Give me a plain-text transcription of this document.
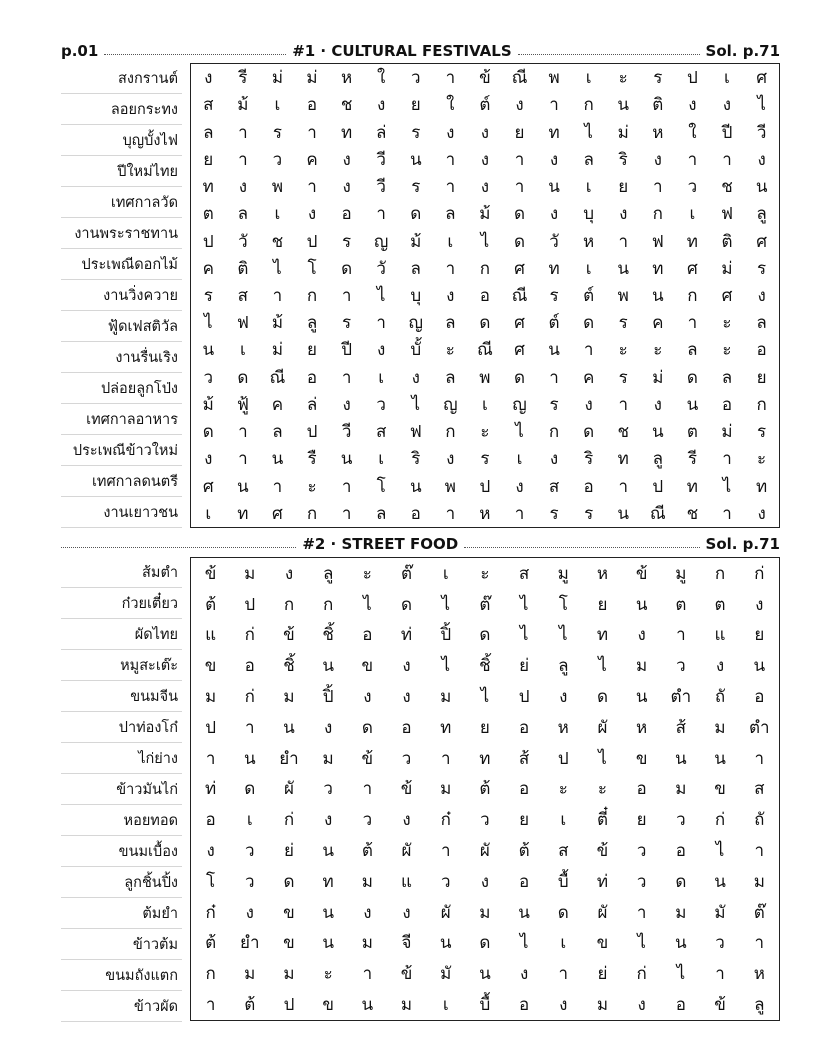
p.01	#1 · CULTURAL FESTIVALS	Sol. p.71
สงกรานต์
ลอยกระทง
บุญบั้งไฟ
ปีใหม่ไทย
เทศกาลวัด
งานพระราชทาน
ประเพณีดอกไม้
งานวิ่งควาย
ฟู้ดเฟสติวัล
งานรื่นเริง
ปล่อยลูกโป่ง
เทศกาลอาหาร
ประเพณีข้าวใหม่
เทศกาลดนตรี
งานเยาวชน
ง	รี	ม่	ม่	ห	ใ	ว	า	ข้	ณี	พ	เ	ะ	ร	ป	เ	ศ
ส	ม้	เ	อ	ช	ง	ย	ใ	ต์	ง	า	ก	น	ติ	ง	ง	ไ
ล	า	ร	า	ท	ล่	ร	ง	ง	ย	ท	ไ	ม่	ห	ใ	ปี	วี
ย	า	ว	ค	ง	วี	น	า	ง	า	ง	ล	ริ	ง	า	า	ง
ท	ง	พ	า	ง	วี	ร	า	ง	า	น	เ	ย	า	ว	ช	น
ต	ล	เ	ง	อ	า	ด	ล	ม้	ด	ง	บุ	ง	ก	เ	ฟ	ลู
ป	วั	ช	ป	ร	ญ	ม้	เ	ไ	ด	วั	ห	า	ฟ	ท	ติ	ศ
ค	ติ	ไ	โ	ด	วั	ล	า	ก	ศ	ท	เ	น	ท	ศ	ม่	ร
ร	ส	า	ก	า	ไ	บุ	ง	อ	ณี	ร	ต์	พ	น	ก	ศ	ง
ไ	ฟ	ม้	ลู	ร	า	ญ	ล	ด	ศ	ต์	ด	ร	ค	า	ะ	ล
น	เ	ม่	ย	ปี	ง	บั้	ะ	ณี	ศ	น	า	ะ	ะ	ล	ะ	อ
ว	ด	ณี	อ	า	เ	ง	ล	พ	ด	า	ค	ร	ม่	ด	ล	ย
ม้	ฟู้	ค	ล่	ง	ว	ไ	ญ	เ	ญ	ร	ง	า	ง	น	อ	ก
ด	า	ล	ป	วี	ส	ฟ	ก	ะ	ไ	ก	ด	ช	น	ต	ม่	ร
ง	า	น	รื	น	เ	ริ	ง	ร	เ	ง	ริ	ท	ลู	รี	า	ะ
ศ	น	า	ะ	า	โ	น	พ	ป	ง	ส	อ	า	ป	ท	ไ	ท
เ	ท	ศ	ก	า	ล	อ	า	ห	า	ร	ร	น	ณี	ช	า	ง
#2 · STREET FOOD	Sol. p.71
ส้มตำ
ก๋วยเตี๋ยว
ผัดไทย
หมูสะเต๊ะ
ขนมจีน
ปาท่องโก๋
ไก่ย่าง
ข้าวมันไก่
หอยทอด
ขนมเบื้อง
ลูกชิ้นปิ้ง
ต้มยำ
ข้าวต้ม
ขนมถังแตก
ข้าวผัด
ข้	ม	ง	ลู	ะ	ต๊	เ	ะ	ส	มู	ห	ข้	มู	ก	ก่
ต้	ป	ก	ก	ไ	ด	ไ	ต๊	ไ	โ	ย	น	ต	ต	ง
แ	ก่	ข้	ชิ้	อ	ท่	ปิ้	ด	ไ	ไ	ท	ง	า	แ	ย
ข	อ	ชิ้	น	ข	ง	ไ	ชิ้	ย่	ลู	ไ	ม	ว	ง	น
ม	ก่	ม	ปิ้	ง	ง	ม	ไ	ป	ง	ด	น	ตำ	ถั	อ
ป	า	น	ง	ด	อ	ท	ย	อ	ห	ผั	ห	ส้	ม	ตำ
า	น	ยำ	ม	ข้	ว	า	ท	ส้	ป	ไ	ข	น	น	า
ท่	ด	ผั	ว	า	ข้	ม	ต้	อ	ะ	ะ	อ	ม	ข	ส
อ	เ	ก่	ง	ว	ง	ก๋	ว	ย	เ	ตี๋	ย	ว	ก่	ถั
ง	ว	ย่	น	ต้	ผั	า	ผั	ต้	ส	ข้	ว	อ	ไ	า
โ	ว	ด	ท	ม	แ	ว	ง	อ	บื้	ท่	ว	ด	น	ม
ก๋	ง	ข	น	ง	ง	ผั	ม	น	ด	ผั	า	ม	มั	ต๊
ต้	ยำ	ข	น	ม	จี	น	ด	ไ	เ	ข	ไ	น	ว	า
ก	ม	ม	ะ	า	ข้	มั	น	ง	า	ย่	ก่	ไ	า	ห
า	ต้	ป	ข	น	ม	เ	บื้	อ	ง	ม	ง	อ	ข้	ลู
